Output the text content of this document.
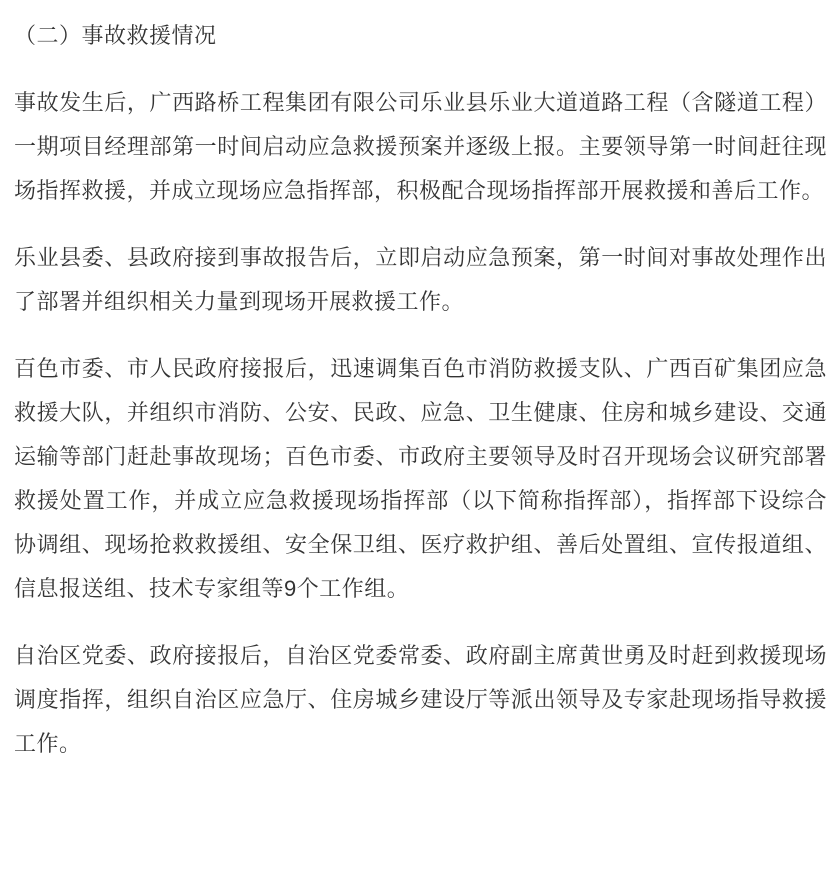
（二）事故救援情况

事故发生后，广西路桥工程集团有限公司乐业县乐业大道道路工程（含隧道工程）一期项目经理部第一时间启动应急救援预案并逐级上报。主要领导第一时间赶往现场指挥救援，并成立现场应急指挥部，积极配合现场指挥部开展救援和善后工作。

乐业县委、县政府接到事故报告后，立即启动应急预案，第一时间对事故处理作出了部署并组织相关力量到现场开展救援工作。

百色市委、市人民政府接报后，迅速调集百色市消防救援支队、广西百矿集团应急救援大队，并组织市消防、公安、民政、应急、卫生健康、住房和城乡建设、交通运输等部门赶赴事故现场；百色市委、市政府主要领导及时召开现场会议研究部署救援处置工作，并成立应急救援现场指挥部（以下简称指挥部），指挥部下设综合协调组、现场抢救救援组、安全保卫组、医疗救护组、善后处置组、宣传报道组、信息报送组、技术专家组等9个工作组。

自治区党委、政府接报后，自治区党委常委、政府副主席黄世勇及时赶到救援现场调度指挥，组织自治区应急厅、住房城乡建设厅等派出领导及专家赴现场指导救援工作。
